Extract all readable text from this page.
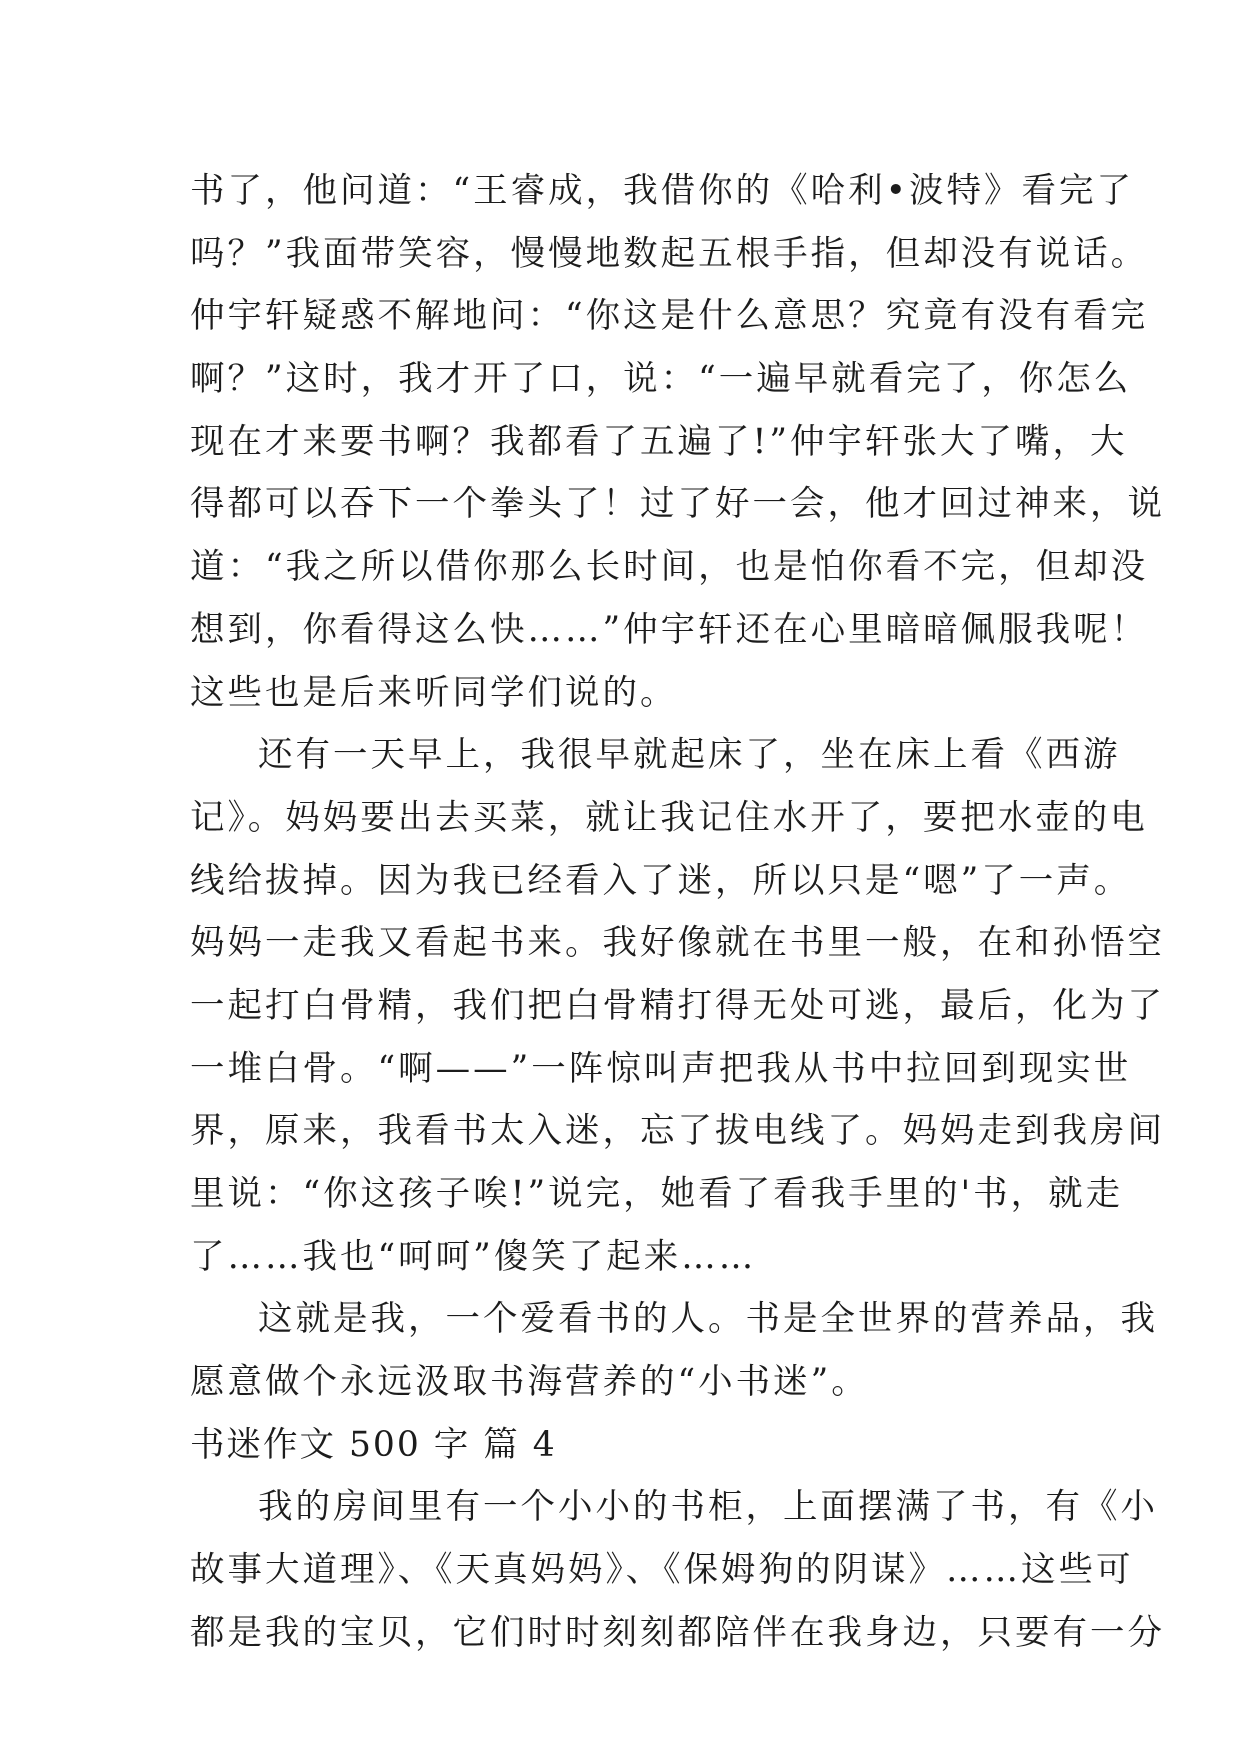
书了，他问道：“王睿成，我借你的《哈利•波特》看完了
吗？”我面带笑容，慢慢地数起五根手指，但却没有说话。
仲宇轩疑惑不解地问：“你这是什么意思？究竟有没有看完
啊？”这时，我才开了口，说：“一遍早就看完了，你怎么
现在才来要书啊？我都看了五遍了!”仲宇轩张大了嘴，大
得都可以吞下一个拳头了！过了好一会，他才回过神来，说
道：“我之所以借你那么长时间，也是怕你看不完，但却没
想到，你看得这么快……”仲宇轩还在心里暗暗佩服我呢！
这些也是后来听同学们说的。
还有一天早上，我很早就起床了，坐在床上看《西游
记》。妈妈要出去买菜，就让我记住水开了，要把水壶的电
线给拔掉。因为我已经看入了迷，所以只是“嗯”了一声。
妈妈一走我又看起书来。我好像就在书里一般，在和孙悟空
一起打白骨精，我们把白骨精打得无处可逃，最后，化为了
一堆白骨。“啊——”一阵惊叫声把我从书中拉回到现实世
界，原来，我看书太入迷，忘了拔电线了。妈妈走到我房间
里说：“你这孩子唉!”说完，她看了看我手里的'书，就走
了……我也“呵呵”傻笑了起来……
这就是我，一个爱看书的人。书是全世界的营养品，我
愿意做个永远汲取书海营养的“小书迷”。
书迷作文 500 字 篇 4
我的房间里有一个小小的书柜，上面摆满了书，有《小
故事大道理》、《天真妈妈》、《保姆狗的阴谋》……这些可
都是我的宝贝，它们时时刻刻都陪伴在我身边，只要有一分
